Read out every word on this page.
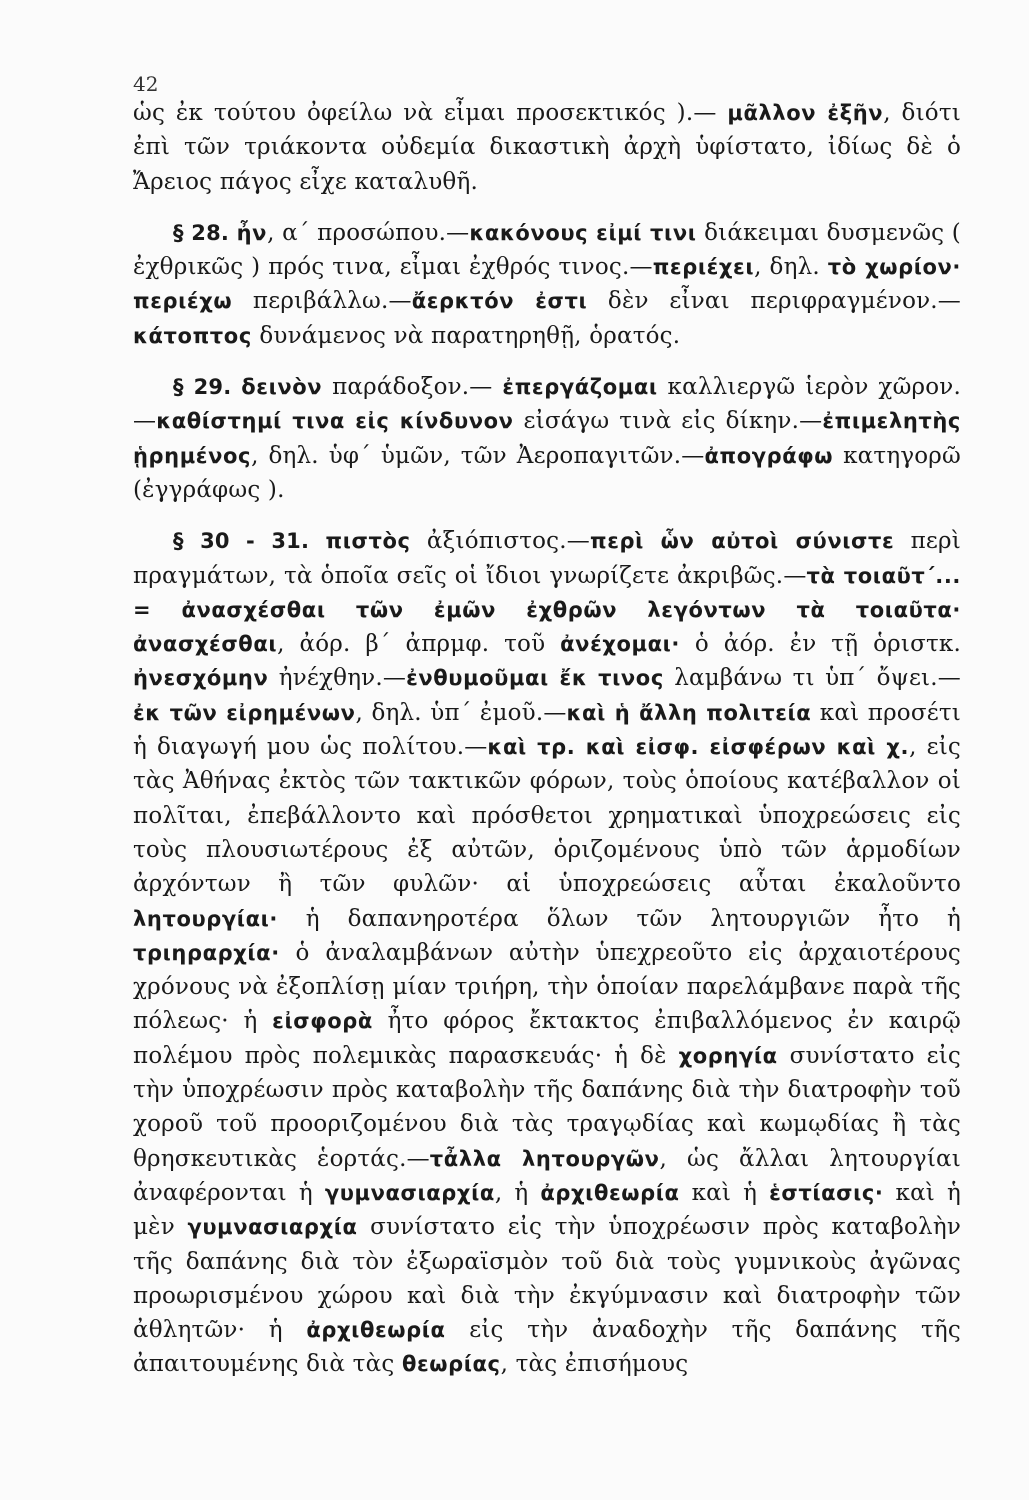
42

ὡς ἐκ τούτου ὀφείλω νὰ εἶμαι προσεκτικός ).— μᾶλλον ἐξῆν, διότι ἐπὶ τῶν τριάκοντα οὐδεμία δικαστικὴ ἀρχὴ ὑφίστατο, ἰδίως δὲ ὁ Ἄρειος πάγος εἶχε καταλυθῆ.

§ 28. ἦν, α΄ προσώπου.—κακόνους εἰμί τινι διάκειμαι δυσμενῶς ( ἐχθρικῶς ) πρός τινα, εἶμαι ἐχθρός τινος.—περιέχει, δηλ. τὸ χωρίον· περιέχω περιβάλλω.—ἄερκτόν ἐστι δὲν εἶναι περιφραγμένον.— κάτοπτος δυνάμενος νὰ παρατηρηθῇ, ὁρατός.

§ 29. δεινὸν παράδοξον.— ἐπεργάζομαι καλλιεργῶ ἱερὸν χῶρον.—καθίστημί τινα εἰς κίνδυνον εἰσάγω τινὰ εἰς δίκην.—ἐπιμελητὴς ᾑρημένος, δηλ. ὑφ΄ ὑμῶν, τῶν Ἀεροπαγιτῶν.—ἀπογράφω κατηγορῶ (ἐγγράφως ).

§ 30 - 31. πιστὸς ἀξιόπιστος.—περὶ ὧν αὐτοὶ σύνιστε περὶ πραγμάτων, τὰ ὁποῖα σεῖς οἱ ἴδιοι γνωρίζετε ἀκριβῶς.—τὰ τοιαῦτ΄... = ἀνασχέσθαι τῶν ἐμῶν ἐχθρῶν λεγόντων τὰ τοιαῦτα· ἀνασχέσθαι, ἀόρ. β΄ ἀπρμφ. τοῦ ἀνέχομαι· ὁ ἀόρ. ἐν τῇ ὁριστκ. ἠνεσχόμην ἠνέχθην.—ἐνθυμοῦμαι ἔκ τινος λαμβάνω τι ὑπ΄ ὄψει.—ἐκ τῶν εἰρημένων, δηλ. ὑπ΄ ἐμοῦ.—καὶ ἡ ἄλλη πολιτεία καὶ προσέτι ἡ διαγωγή μου ὡς πολίτου.—καὶ τρ. καὶ εἰσφ. εἰσφέρων καὶ χ., εἰς τὰς Ἀθήνας ἐκτὸς τῶν τακτικῶν φόρων, τοὺς ὁποίους κατέβαλλον οἱ πολῖται, ἐπεβάλλοντο καὶ πρόσθετοι χρηματικαὶ ὑποχρεώσεις εἰς τοὺς πλουσιωτέρους ἐξ αὐτῶν, ὁριζομένους ὑπὸ τῶν ἁρμοδίων ἀρχόντων ἢ τῶν φυλῶν· αἱ ὑποχρεώσεις αὗται ἐκαλοῦντο λητουργίαι· ἡ δαπανηροτέρα ὅλων τῶν λητουργιῶν ἦτο ἡ τριηραρχία· ὁ ἀναλαμβάνων αὐτὴν ὑπεχρεοῦτο εἰς ἀρχαιοτέρους χρόνους νὰ ἐξοπλίσῃ μίαν τριήρη, τὴν ὁποίαν παρελάμβανε παρὰ τῆς πόλεως· ἡ εἰσφορὰ ἦτο φόρος ἔκτακτος ἐπιβαλλόμενος ἐν καιρῷ πολέμου πρὸς πολεμικὰς παρασκευάς· ἡ δὲ χορηγία συνίστατο εἰς τὴν ὑποχρέωσιν πρὸς καταβολὴν τῆς δαπάνης διὰ τὴν διατροφὴν τοῦ χοροῦ τοῦ προοριζομένου διὰ τὰς τραγῳδίας καὶ κωμῳδίας ἢ τὰς θρησκευτικὰς ἑορτάς.—τἆλλα λητουργῶν, ὡς ἄλλαι λητουργίαι ἀναφέρονται ἡ γυμνασιαρχία, ἡ ἀρχιθεωρία καὶ ἡ ἑστίασις· καὶ ἡ μὲν γυμνασιαρχία συνίστατο εἰς τὴν ὑποχρέωσιν πρὸς καταβολὴν τῆς δαπάνης διὰ τὸν ἐξωραϊσμὸν τοῦ διὰ τοὺς γυμνικοὺς ἀγῶνας προωρισμένου χώρου καὶ διὰ τὴν ἐκγύμνασιν καὶ διατροφὴν τῶν ἀθλητῶν· ἡ ἀρχιθεωρία εἰς τὴν ἀναδοχὴν τῆς δαπάνης τῆς ἀπαιτουμένης διὰ τὰς θεωρίας, τὰς ἐπισήμους
